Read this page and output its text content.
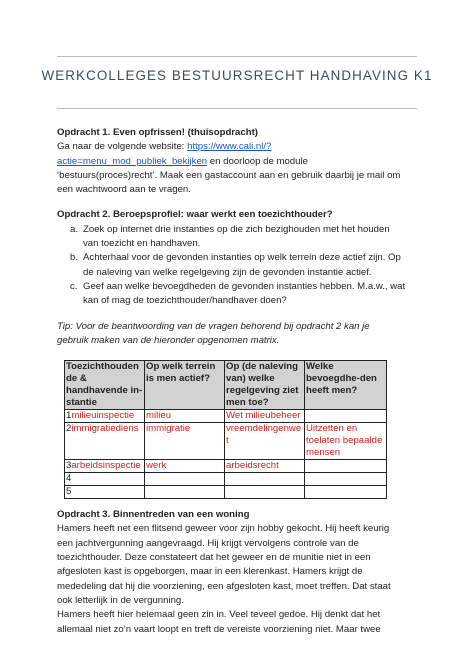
WERKCOLLEGES BESTUURSRECHT HANDHAVING K1

Opdracht 1. Even opfrissen! (thuisopdracht)

Ga naar de volgende website: https://www.cali.nl/?

actie=menu_mod_publiek_bekijken en doorloop de module

‘bestuurs(proces)recht’. Maak een gastaccount aan en gebruik daarbij je mail om

een wachtwoord aan te vragen.

Opdracht 2. Beroepsprofiel: waar werkt een toezichthouder?

a. Zoek op internet drie instanties op die zich bezighouden met het houden
van toezicht en handhaven.
b. Achterhaal voor de gevonden instanties op welk terrein deze actief zijn. Op
de naleving van welke regelgeving zijn de gevonden instantie actief.
c. Geef aan welke bevoegdheden de gevonden instanties hebben. M.a.w., wat
kan of mag de toezichthouder/handhaver doen?

Tip: Voor de beantwoording van de vragen behorend bij opdracht 2 kan je

gebruik maken van de hieronder opgenomen matrix.

Toezichthouden de & handhavende in-stantie	Op welk terrein is men actief?	Op (de naleving van) welke regelgeving ziet men toe?	Welke bevoegdhe-den heeft men?
1milieuinspectie	milieu	Wet milieubeheer	
2immigratiediens	immigratie	vreemdelingenwe t	Uitzetten en toelaten bepaalde mensen
3arbeidsinspectie	werk	arbeidsrecht	
4			
5			

Opdracht 3. Binnentreden van een woning

Hamers heeft net een flitsend geweer voor zijn hobby gekocht. Hij heeft keurig

een jachtvergunning aangevraagd. Hij krijgt vervolgens controle van de

toezichthouder. Deze constateert dat het geweer en de munitie niet in een

afgesloten kast is opgeborgen, maar in een klerenkast. Hamers krijgt de

mededeling dat hij die voorziening, een afgesloten kast, moet treffen. Dat staat

ook letterlijk in de vergunning.

Hamers heeft hier helemaal geen zin in. Veel teveel gedoe. Hij denkt dat het

allemaal niet zo’n vaart loopt en treft de vereiste voorziening niet. Maar twee
